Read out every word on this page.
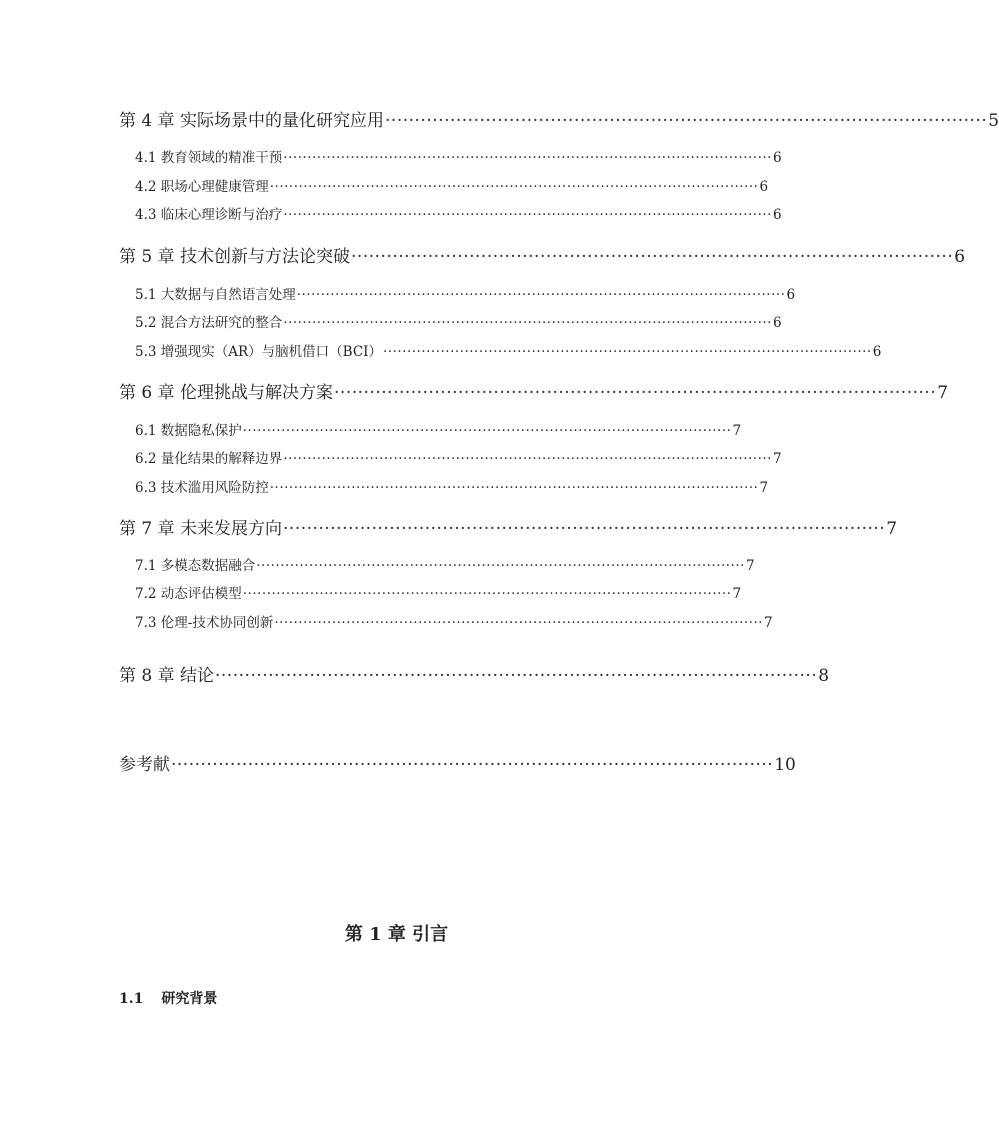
第 4 章 实际场景中的量化研究应用 ······································································································ 5
4.1 教育领域的精准干预 ······································································································ 6
4.2 职场心理健康管理 ······································································································ 6
4.3 临床心理诊断与治疗 ······································································································ 6
第 5 章 技术创新与方法论突破 ······································································································ 6
5.1 大数据与自然语言处理 ······································································································ 6
5.2 混合方法研究的整合 ······································································································ 6
5.3 增强现实（AR）与脑机借口（BCI） ······································································································ 6
第 6 章 伦理挑战与解决方案 ······································································································ 7
6.1 数据隐私保护 ······································································································ 7
6.2 量化结果的解释边界 ······································································································ 7
6.3 技术滥用风险防控 ······································································································ 7
第 7 章 未来发展方向 ······································································································ 7
7.1 多模态数据融合 ······································································································ 7
7.2 动态评估模型 ······································································································ 7
7.3 伦理-技术协同创新 ······································································································ 7
第 8 章 结论 ······································································································ 8
参考献 ······································································································ 10
第 1 章 引言
1.1 研究背景
